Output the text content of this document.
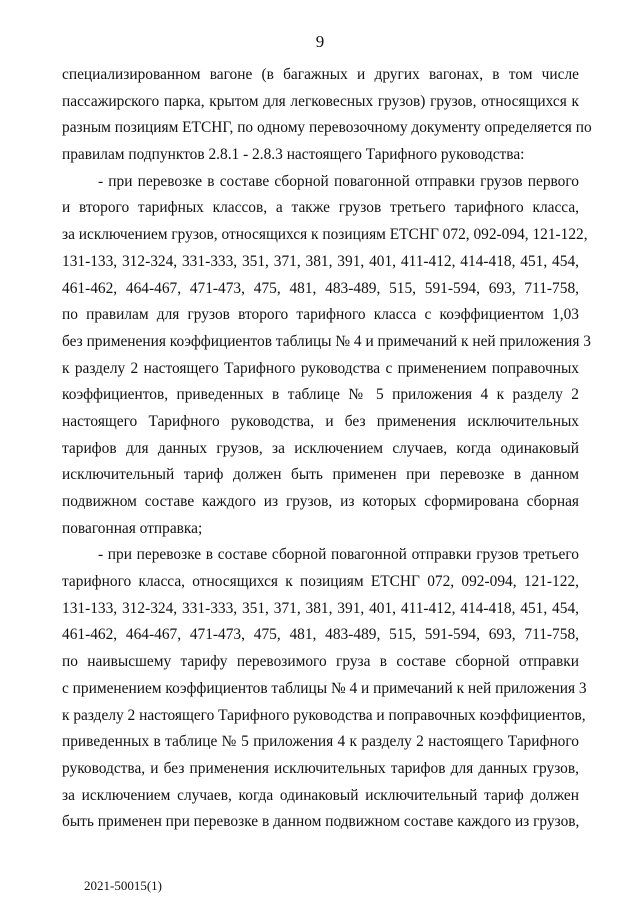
9
специализированном вагоне (в багажных и других вагонах, в том числе
пассажирского парка, крытом для легковесных грузов) грузов, относящихся к
разным позициям ЕТСНГ, по одному перевозочному документу определяется по
правилам подпунктов 2.8.1 - 2.8.3 настоящего Тарифного руководства:
- при перевозке в составе сборной повагонной отправки грузов первого
и второго тарифных классов, а также грузов третьего тарифного класса,
за исключением грузов, относящихся к позициям ЕТСНГ 072, 092-094, 121-122,
131-133, 312-324, 331-333, 351, 371, 381, 391, 401, 411-412, 414-418, 451, 454,
461-462, 464-467, 471-473, 475, 481, 483-489, 515, 591-594, 693, 711-758,
по правилам для грузов второго тарифного класса с коэффициентом 1,03
без применения коэффициентов таблицы № 4 и примечаний к ней приложения 3
к разделу 2 настоящего Тарифного руководства с применением поправочных
коэффициентов, приведенных в таблице № 5 приложения 4 к разделу 2
настоящего Тарифного руководства, и без применения исключительных
тарифов для данных грузов, за исключением случаев, когда одинаковый
исключительный тариф должен быть применен при перевозке в данном
подвижном составе каждого из грузов, из которых сформирована сборная
повагонная отправка;
- при перевозке в составе сборной повагонной отправки грузов третьего
тарифного класса, относящихся к позициям ЕТСНГ 072, 092-094, 121-122,
131-133, 312-324, 331-333, 351, 371, 381, 391, 401, 411-412, 414-418, 451, 454,
461-462, 464-467, 471-473, 475, 481, 483-489, 515, 591-594, 693, 711-758,
по наивысшему тарифу перевозимого груза в составе сборной отправки
с применением коэффициентов таблицы № 4 и примечаний к ней приложения 3
к разделу 2 настоящего Тарифного руководства и поправочных коэффициентов,
приведенных в таблице № 5 приложения 4 к разделу 2 настоящего Тарифного
руководства, и без применения исключительных тарифов для данных грузов,
за исключением случаев, когда одинаковый исключительный тариф должен
быть применен при перевозке в данном подвижном составе каждого из грузов,
2021-50015(1)
